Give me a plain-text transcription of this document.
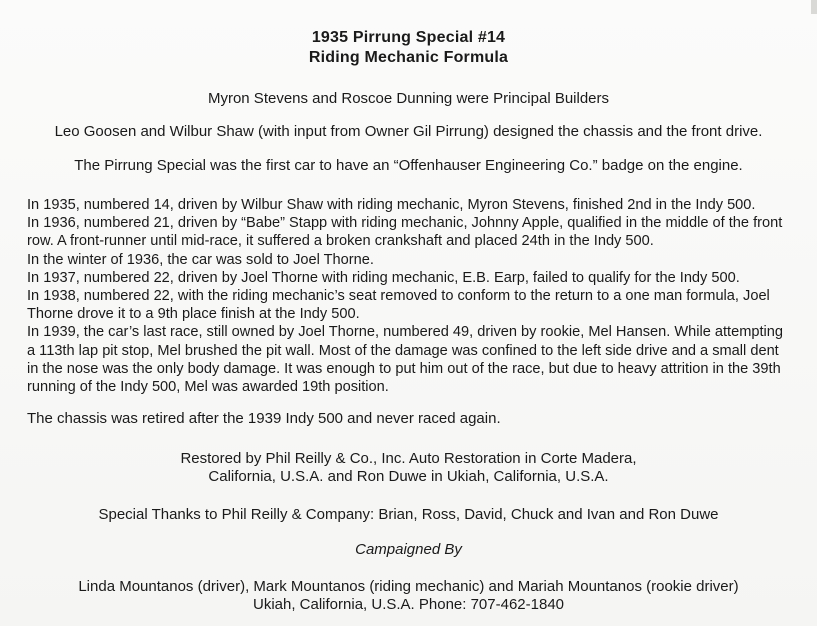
1935 Pirrung Special #14
Riding Mechanic Formula
Myron Stevens and Roscoe Dunning were Principal Builders
Leo Goosen and Wilbur Shaw (with input from Owner Gil Pirrung) designed the chassis and the front drive.
The Pirrung Special was the first car to have an “Offenhauser Engineering Co.” badge on the engine.

In 1935, numbered 14, driven by Wilbur Shaw with riding mechanic, Myron Stevens, finished 2nd in the Indy 500.

In 1936, numbered 21, driven by “Babe” Stapp with riding mechanic, Johnny Apple, qualified in the middle of the front

row. A front-runner until mid-race, it suffered a broken crankshaft and placed 24th in the Indy 500.

In the winter of 1936, the car was sold to Joel Thorne.

In 1937, numbered 22, driven by Joel Thorne with riding mechanic, E.B. Earp, failed to qualify for the Indy 500.

In 1938, numbered 22, with the riding mechanic’s seat removed to conform to the return to a one man formula, Joel

Thorne drove it to a 9th place finish at the Indy 500.

In 1939, the car’s last race, still owned by Joel Thorne, numbered 49, driven by rookie, Mel Hansen. While attempting

a 113th lap pit stop, Mel brushed the pit wall. Most of the damage was confined to the left side drive and a small dent

in the nose was the only body damage. It was enough to put him out of the race, but due to heavy attrition in the 39th

running of the Indy 500, Mel was awarded 19th position.

The chassis was retired after the 1939 Indy 500 and never raced again.
Restored by Phil Reilly & Co., Inc. Auto Restoration in Corte Madera,
California, U.S.A. and Ron Duwe in Ukiah, California, U.S.A.
Special Thanks to Phil Reilly & Company: Brian, Ross, David, Chuck and Ivan and Ron Duwe
Campaigned By
Linda Mountanos (driver), Mark Mountanos (riding mechanic) and Mariah Mountanos (rookie driver)
Ukiah, California, U.S.A. Phone: 707-462-1840
